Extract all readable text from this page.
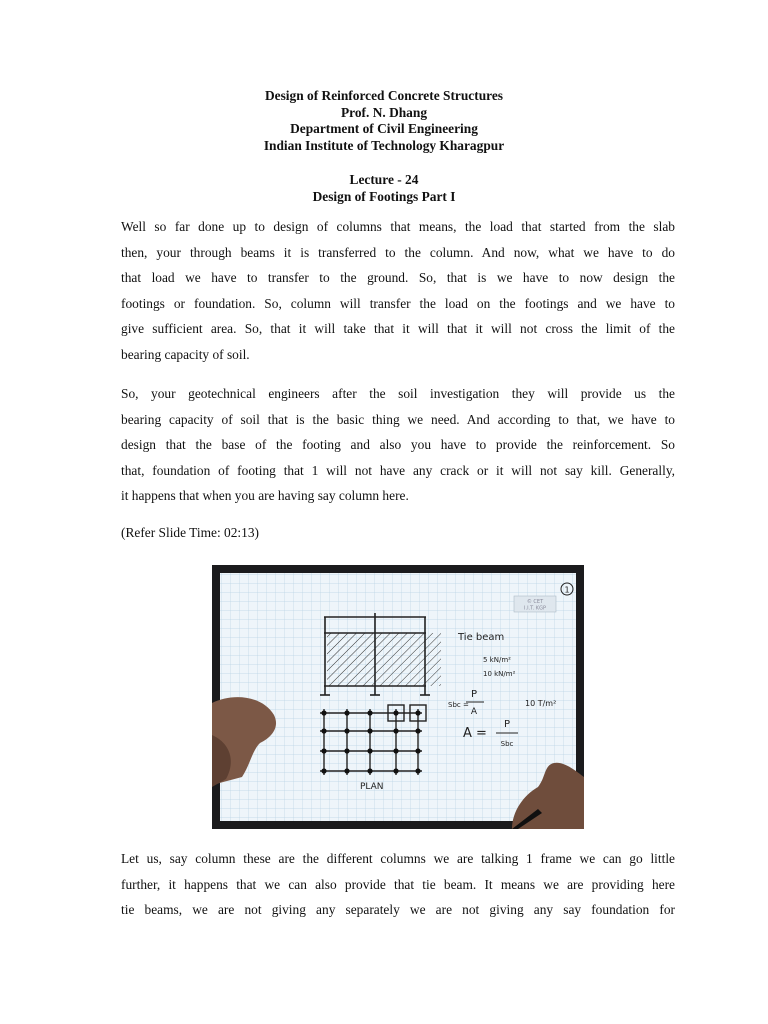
Design of Reinforced Concrete Structures
Prof. N. Dhang
Department of Civil Engineering
Indian Institute of Technology Kharagpur
Lecture - 24
Design of Footings Part I
Well so far done up to design of columns that means, the load that started from the slab
then, your through beams it is transferred to the column. And now, what we have to do
that load we have to transfer to the ground. So, that is we have to now design the
footings or foundation. So, column will transfer the load on the footings and we have to
give sufficient area. So, that it will take that it will that it will not cross the limit of the
bearing capacity of soil.
So, your geotechnical engineers after the soil investigation they will provide us the
bearing capacity of soil that is the basic thing we need. And according to that, we have to
design that the base of the footing and also you have to provide the reinforcement. So
that, foundation of footing that 1 will not have any crack or it will not say kill. Generally,
it happens that when you are having say column here.
(Refer Slide Time: 02:13)
1
© CET
I.I.T. KGP
PLAN
Tie beam
5 kN/m²
10 kN/m²
Sbc =
P
A
10 T/m²
A =
P
Sbc
Let us, say column these are the different columns we are talking 1 frame we can go little
further, it happens that we can also provide that tie beam. It means we are providing here
tie beams, we are not giving any separately we are not giving any say foundation for
